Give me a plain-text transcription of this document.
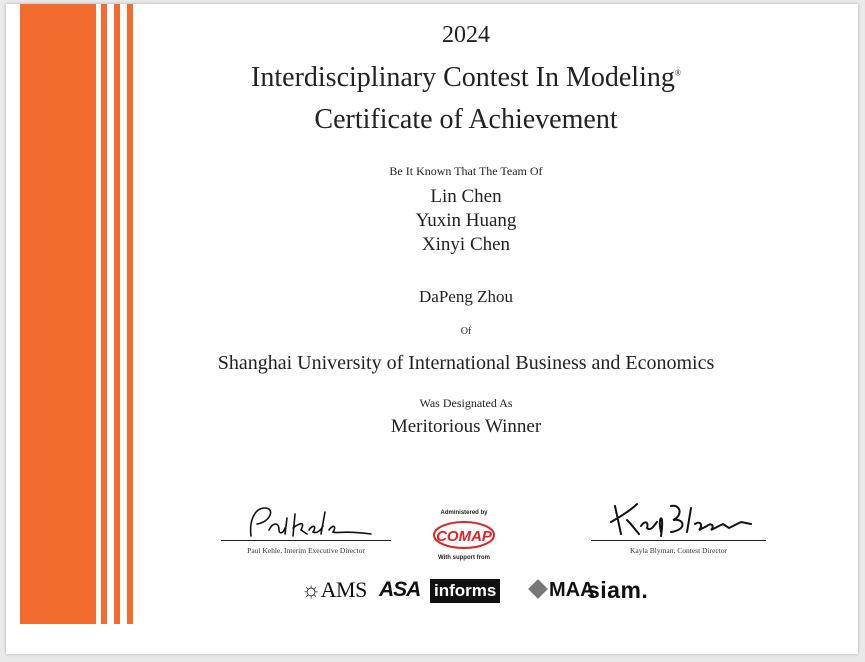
2024
Interdisciplinary Contest In Modeling®
Certificate of Achievement
Be It Known That The Team Of
Lin Chen
Yuxin Huang
Xinyi Chen
DaPeng Zhou
Of
Shanghai University of International Business and Economics
Was Designated As
Meritorious Winner
Paul Kehle, Interim Executive Director
Administered by
COMAP
With support from
Kayla Blyman, Contest Director
☼AMS ASA informs	MAA
siam.
